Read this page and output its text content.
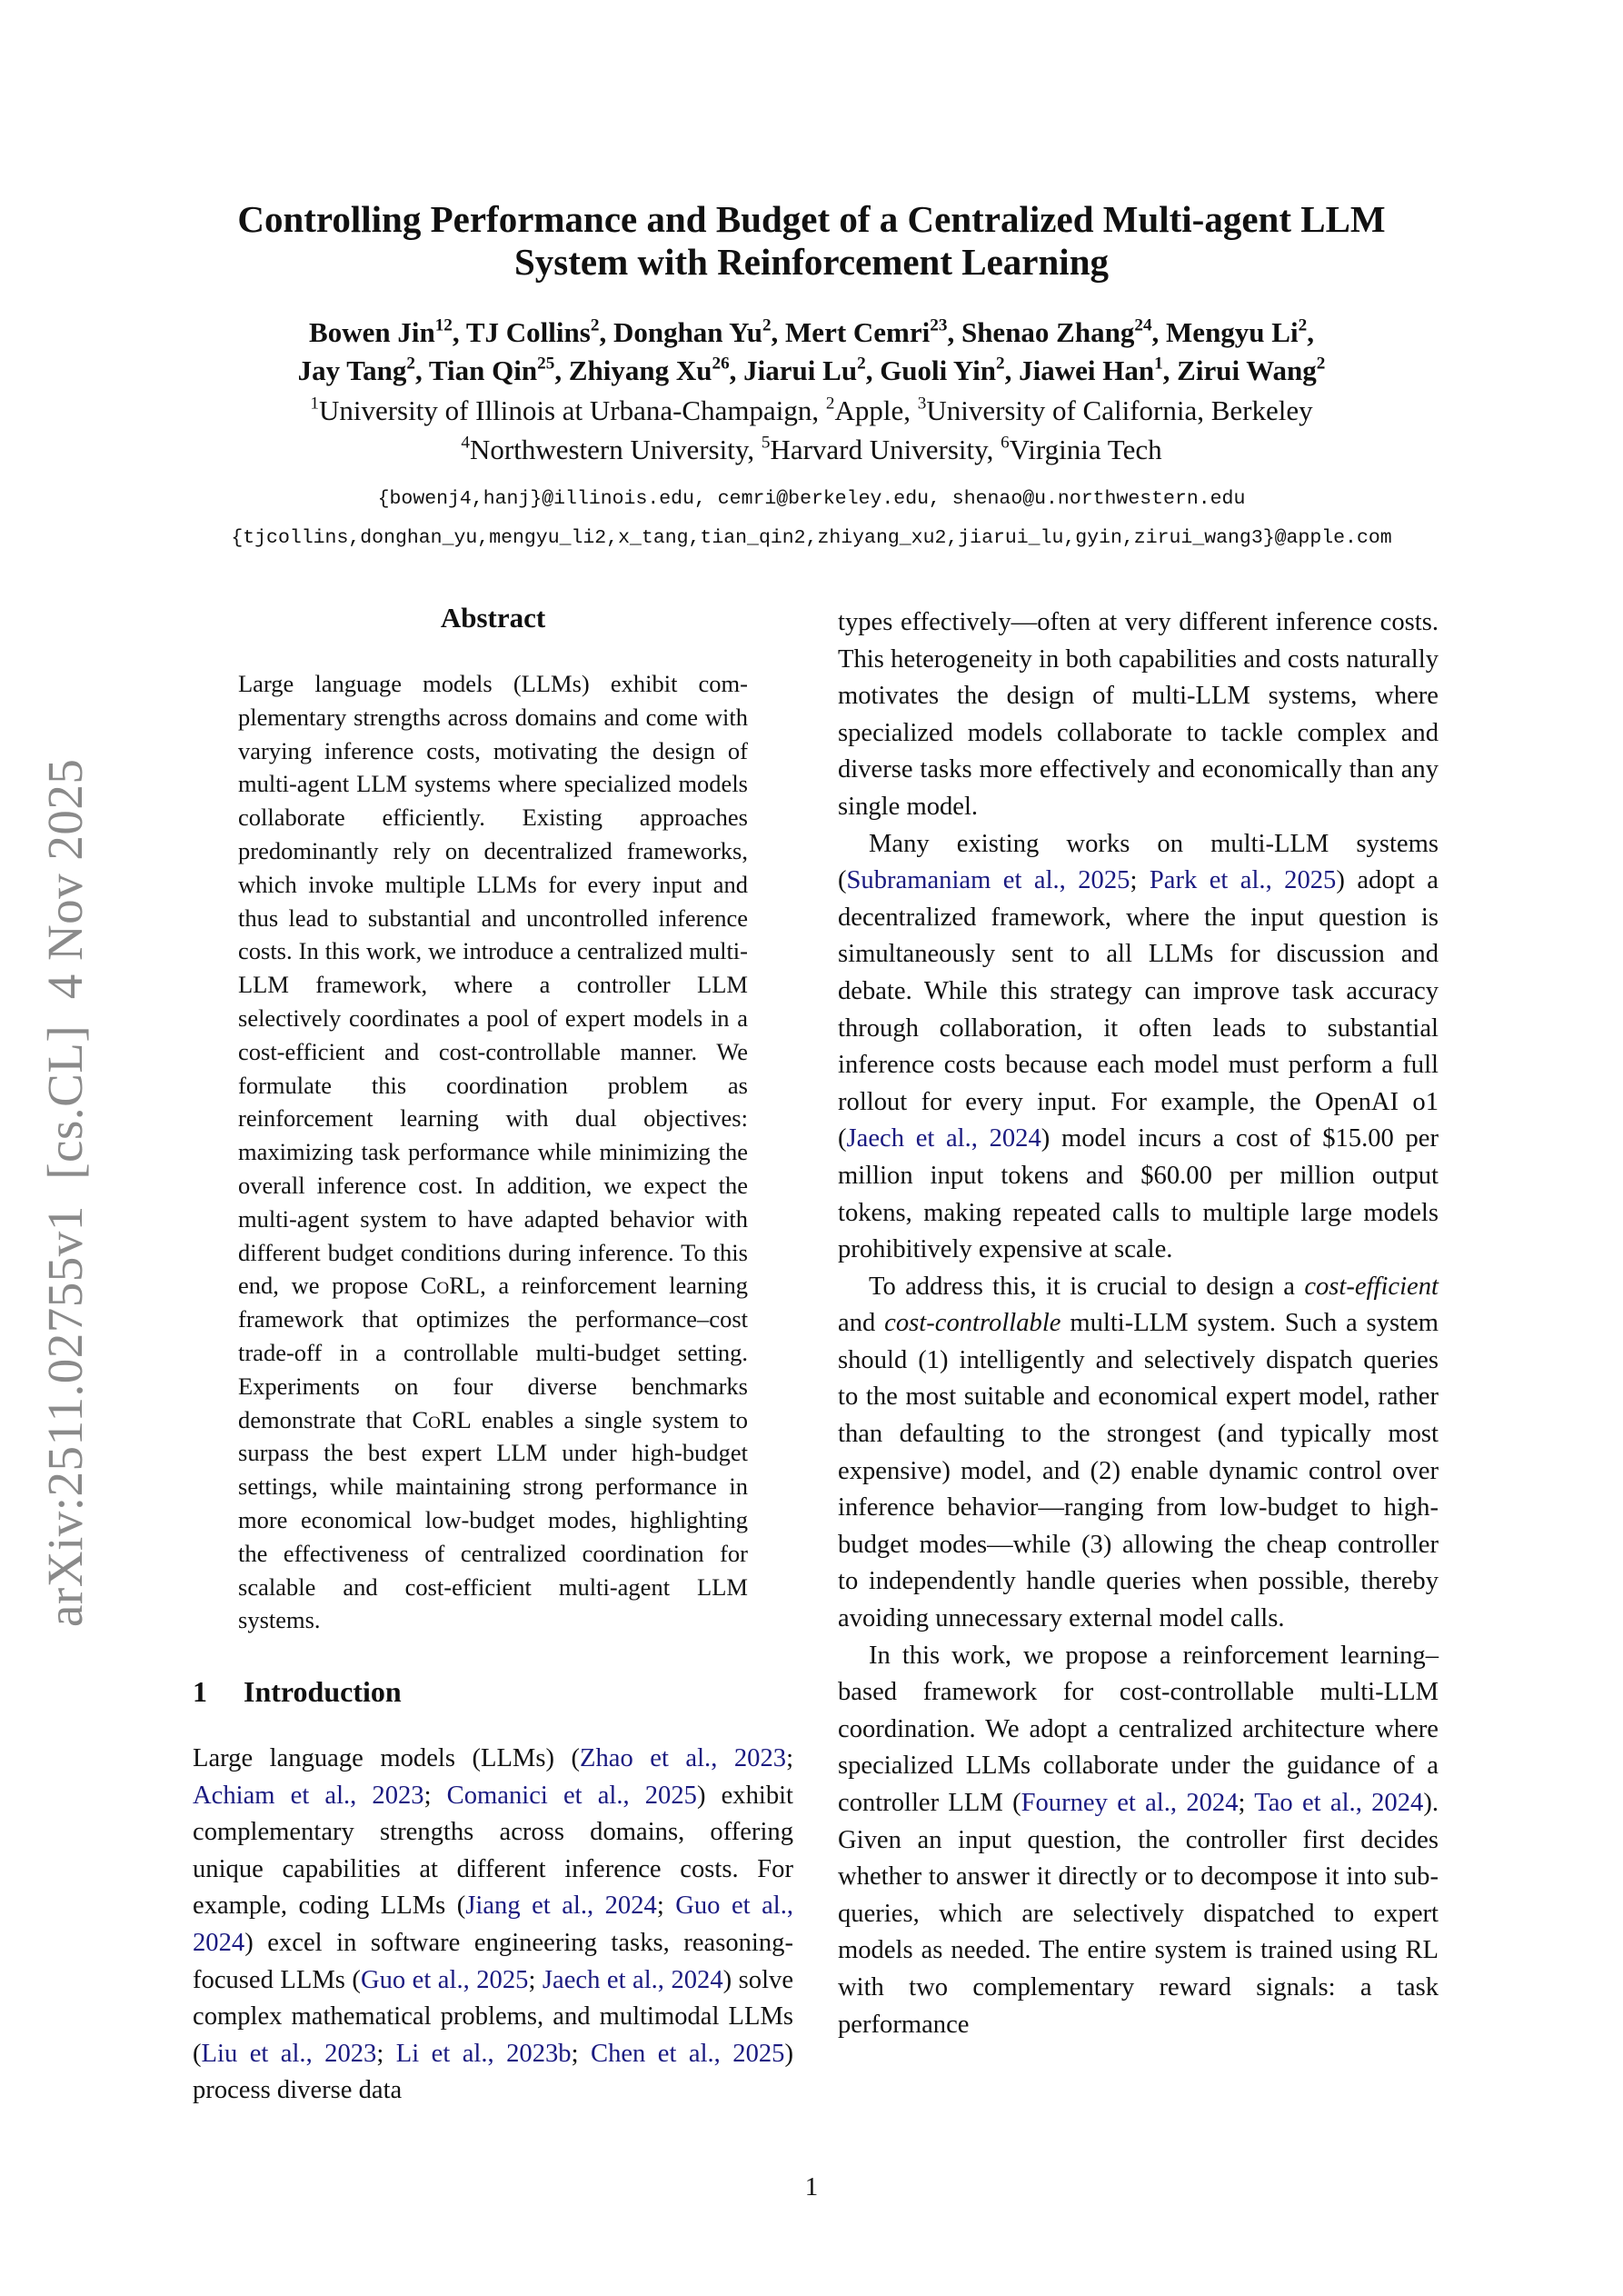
arXiv:2511.02755v1  [cs.CL]  4 Nov 2025
Controlling Performance and Budget of a Centralized Multi-agent LLM
System with Reinforcement Learning
Bowen Jin$^{12}$, TJ Collins$^2$, Donghan Yu$^2$, Mert Cemri$^{23}$, Shenao Zhang$^{24}$, Mengyu Li$^2$,
Jay Tang$^2$, Tian Qin$^{25}$, Zhiyang Xu$^{26}$, Jiarui Lu$^2$, Guoli Yin$^2$, Jiawei Han$^1$, Zirui Wang$^2$
$^1$University of Illinois at Urbana-Champaign, $^2$Apple, $^3$University of California, Berkeley
$^4$Northwestern University, $^5$Harvard University, $^6$Virginia Tech
{bowenj4,hanj}@illinois.edu, cemri@berkeley.edu, shenao@u.northwestern.edu
{tjcollins,donghan_yu,mengyu_li2,x_tang,tian_qin2,zhiyang_xu2,jiarui_lu,gyin,zirui_wang3}@apple.com
Abstract
Large language models (LLMs) exhibit complementary strengths across domains and come with varying inference costs, motivating the design of multi-agent LLM systems where specialized models collaborate efficiently. Existing approaches predominantly rely on decentralized frameworks, which invoke multiple LLMs for every input and thus lead to substantial and uncontrolled inference costs. In this work, we introduce a centralized multi-LLM framework, where a controller LLM selectively coordinates a pool of expert models in a cost-efficient and cost-controllable manner. We formulate this coordination problem as reinforcement learning with dual objectives: maximizing task performance while minimizing the overall inference cost. In addition, we expect the multi-agent system to have adapted behavior with different budget conditions during inference. To this end, we propose CoRL, a reinforcement learning framework that optimizes the performance–cost trade-off in a controllable multi-budget setting. Experiments on four diverse benchmarks demonstrate that CoRL enables a single system to surpass the best expert LLM under high-budget settings, while maintaining strong performance in more economical low-budget modes, highlighting the effectiveness of centralized coordination for scalable and cost-efficient multi-agent LLM systems.
1 Introduction

Large language models (LLMs) (Zhao et al., 2023; Achiam et al., 2023; Comanici et al., 2025) exhibit complementary strengths across domains, offering unique capabilities at different inference costs. For example, coding LLMs (Jiang et al., 2024; Guo et al., 2024) excel in software engineering tasks, reasoning-focused LLMs (Guo et al., 2025; Jaech et al., 2024) solve complex mathematical problems, and multimodal LLMs (Liu et al., 2023; Li et al., 2023b; Chen et al., 2025) process diverse data

types effectively—often at very different inference costs. This heterogeneity in both capabilities and costs naturally motivates the design of multi-LLM systems, where specialized models collaborate to tackle complex and diverse tasks more effectively and economically than any single model.

Many existing works on multi-LLM systems (Subramaniam et al., 2025; Park et al., 2025) adopt a decentralized framework, where the input question is simultaneously sent to all LLMs for discussion and debate. While this strategy can improve task accuracy through collaboration, it often leads to substantial inference costs because each model must perform a full rollout for every input. For example, the OpenAI o1 (Jaech et al., 2024) model incurs a cost of $15.00 per million input tokens and $60.00 per million output tokens, making repeated calls to multiple large models prohibitively expensive at scale.

To address this, it is crucial to design a cost-efficient and cost-controllable multi-LLM system. Such a system should (1) intelligently and selectively dispatch queries to the most suitable and economical expert model, rather than defaulting to the strongest (and typically most expensive) model, and (2) enable dynamic control over inference behavior—ranging from low-budget to high-budget modes—while (3) allowing the cheap controller to independently handle queries when possible, thereby avoiding unnecessary external model calls.

In this work, we propose a reinforcement learning–based framework for cost-controllable multi-LLM coordination. We adopt a centralized architecture where specialized LLMs collaborate under the guidance of a controller LLM (Fourney et al., 2024; Tao et al., 2024). Given an input question, the controller first decides whether to answer it directly or to decompose it into sub-queries, which are selectively dispatched to expert models as needed. The entire system is trained using RL with two complementary reward signals: a task performance

1
